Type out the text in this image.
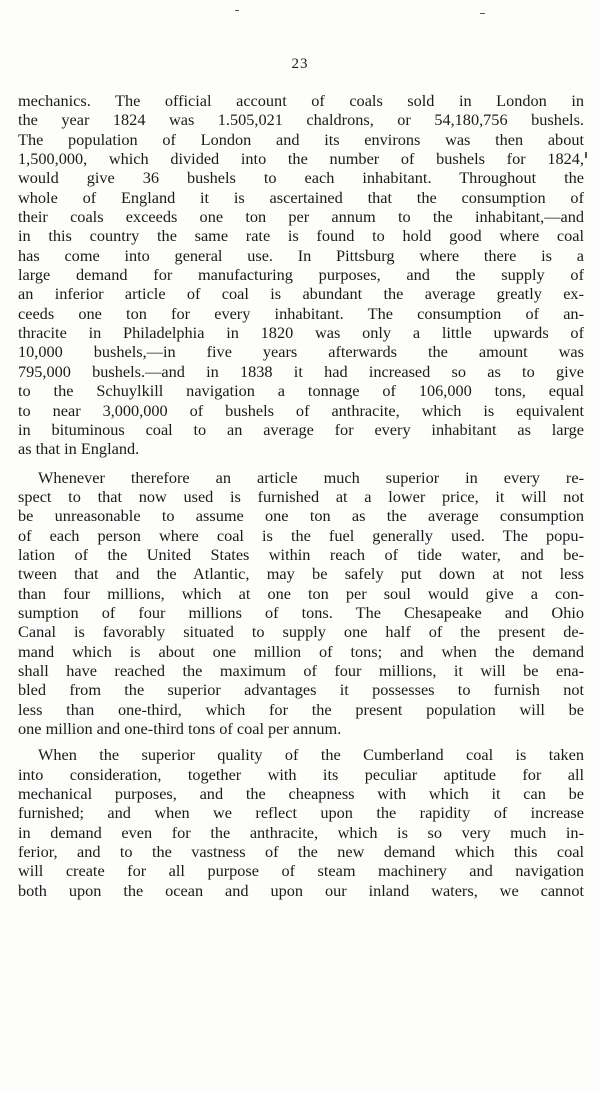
23
mechanics. The official account of coals sold in London in
the year 1824 was 1.505,021 chaldrons, or 54,180,756 bushels.
The population of London and its environs was then about
1,500,000, which divided into the number of bushels for 1824,
would give 36 bushels to each inhabitant. Throughout the
whole of England it is ascertained that the consumption of
their coals exceeds one ton per annum to the inhabitant,—and
in this country the same rate is found to hold good where coal
has come into general use. In Pittsburg where there is a
large demand for manufacturing purposes, and the supply of
an inferior article of coal is abundant the average greatly ex-
ceeds one ton for every inhabitant. The consumption of an-
thracite in Philadelphia in 1820 was only a little upwards of
10,000 bushels,—in five years afterwards the amount was
795,000 bushels.—and in 1838 it had increased so as to give
to the Schuylkill navigation a tonnage of 106,000 tons, equal
to near 3,000,000 of bushels of anthracite, which is equivalent
in bituminous coal to an average for every inhabitant as large
as that in England.
Whenever therefore an article much superior in every re-
spect to that now used is furnished at a lower price, it will not
be unreasonable to assume one ton as the average consumption
of each person where coal is the fuel generally used. The popu-
lation of the United States within reach of tide water, and be-
tween that and the Atlantic, may be safely put down at not less
than four millions, which at one ton per soul would give a con-
sumption of four millions of tons. The Chesapeake and Ohio
Canal is favorably situated to supply one half of the present de-
mand which is about one million of tons; and when the demand
shall have reached the maximum of four millions, it will be ena-
bled from the superior advantages it possesses to furnish not
less than one-third, which for the present population will be
one million and one-third tons of coal per annum.
When the superior quality of the Cumberland coal is taken
into consideration, together with its peculiar aptitude for all
mechanical purposes, and the cheapness with which it can be
furnished; and when we reflect upon the rapidity of increase
in demand even for the anthracite, which is so very much in-
ferior, and to the vastness of the new demand which this coal
will create for all purpose of steam machinery and navigation
both upon the ocean and upon our inland waters, we cannot
